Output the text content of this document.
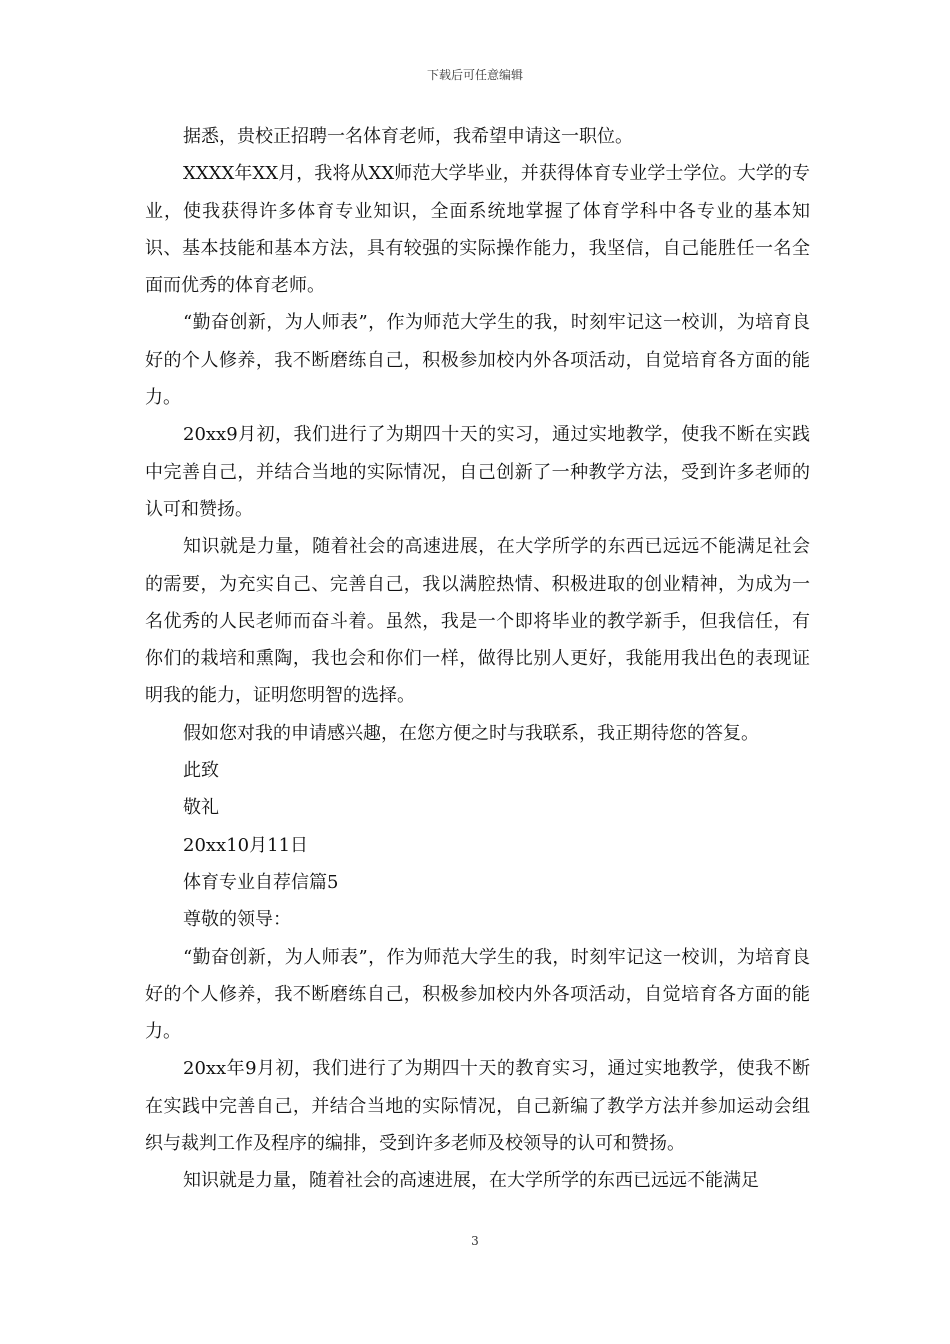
下载后可任意编辑

据悉，贵校正招聘一名体育老师，我希望申请这一职位。

XXXX年XX月，我将从XX师范大学毕业，并获得体育专业学士学位。大学的专业，使我获得许多体育专业知识，全面系统地掌握了体育学科中各专业的基本知识、基本技能和基本方法，具有较强的实际操作能力，我坚信，自己能胜任一名全面而优秀的体育老师。

“勤奋创新，为人师表”，作为师范大学生的我，时刻牢记这一校训，为培育良好的个人修养，我不断磨练自己，积极参加校内外各项活动，自觉培育各方面的能力。

20xx9月初，我们进行了为期四十天的实习，通过实地教学，使我不断在实践中完善自己，并结合当地的实际情况，自己创新了一种教学方法，受到许多老师的认可和赞扬。

知识就是力量，随着社会的高速进展，在大学所学的东西已远远不能满足社会的需要，为充实自己、完善自己，我以满腔热情、积极进取的创业精神，为成为一名优秀的人民老师而奋斗着。虽然，我是一个即将毕业的教学新手，但我信任，有你们的栽培和熏陶，我也会和你们一样，做得比别人更好，我能用我出色的表现证明我的能力，证明您明智的选择。

假如您对我的申请感兴趣，在您方便之时与我联系，我正期待您的答复。

此致

敬礼

20xx10月11日

体育专业自荐信篇5

尊敬的领导：

“勤奋创新，为人师表”，作为师范大学生的我，时刻牢记这一校训，为培育良好的个人修养，我不断磨练自己，积极参加校内外各项活动，自觉培育各方面的能力。

20xx年9月初，我们进行了为期四十天的教育实习，通过实地教学，使我不断在实践中完善自己，并结合当地的实际情况，自己新编了教学方法并参加运动会组织与裁判工作及程序的编排，受到许多老师及校领导的认可和赞扬。

知识就是力量，随着社会的高速进展，在大学所学的东西已远远不能满足

3
